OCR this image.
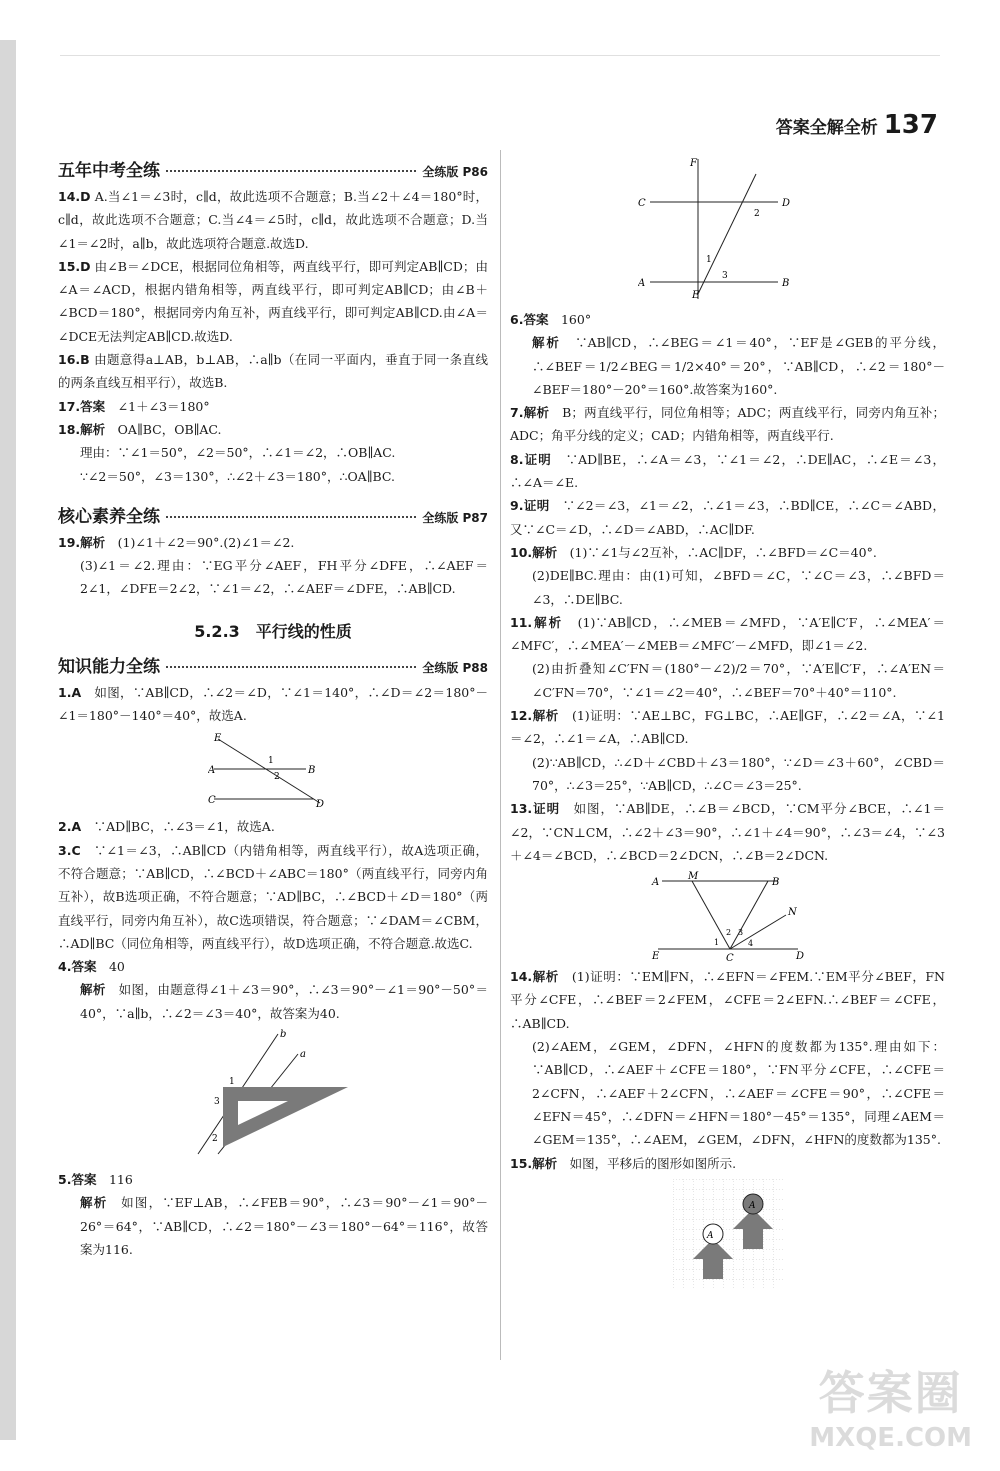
答案全解全析 137
五年中考全练	全练版 P86

14.D A.当∠1＝∠3时，c∥d，故此选项不合题意；B.当∠2＋∠4＝180°时，c∥d，故此选项不合题意；C.当∠4＝∠5时，c∥d，故此选项不合题意；D.当∠1＝∠2时，a∥b，故此选项符合题意.故选D.

15.D 由∠B＝∠DCE，根据同位角相等，两直线平行，即可判定AB∥CD；由∠A＝∠ACD，根据内错角相等，两直线平行，即可判定AB∥CD；由∠B＋∠BCD＝180°，根据同旁内角互补，两直线平行，即可判定AB∥CD.由∠A＝∠DCE无法判定AB∥CD.故选D.

16.B 由题意得a⊥AB，b⊥AB，∴a∥b（在同一平面内，垂直于同一条直线的两条直线互相平行），故选B.

17.答案　 ∠1＋∠3＝180°

18.解析　 OA∥BC，OB∥AC.

理由：∵∠1＝50°，∠2＝50°，∴∠1＝∠2，∴OB∥AC.

∵∠2＝50°，∠3＝130°，∴∠2＋∠3＝180°，∴OA∥BC.

核心素养全练	全练版 P87

19.解析　 (1)∠1＋∠2＝90°.(2)∠1＝∠2.

(3)∠1＝∠2.理由：∵EG平分∠AEF，FH平分∠DFE，∴∠AEF＝2∠1，∠DFE＝2∠2，∵∠1＝∠2，∴∠AEF＝∠DFE，∴AB∥CD.

5.2.3　平行线的性质
知识能力全练	全练版 P88

1.A　 如图，∵AB∥CD，∴∠2＝∠D，∵∠1＝140°，∴∠D＝∠2＝180°－∠1＝180°－140°＝40°，故选A.

E
A	B
C	D
1
2

2.A　 ∵AD∥BC，∴∠3＝∠1，故选A.

3.C　 ∵∠1＝∠3，∴AB∥CD（内错角相等，两直线平行），故A选项正确，不符合题意；∵AB∥CD，∴∠BCD＋∠ABC＝180°（两直线平行，同旁内角互补），故B选项正确，不符合题意；∵AD∥BC，∴∠BCD＋∠D＝180°（两直线平行，同旁内角互补），故C选项错误，符合题意；∵∠DAM＝∠CBM，∴AD∥BC（同位角相等，两直线平行），故D选项正确，不符合题意.故选C.

4.答案　 40

解析　 如图，由题意得∠1＋∠3＝90°，∴∠3＝90°－∠1＝90°－50°＝40°，∵a∥b，∴∠2＝∠3＝40°，故答案为40.

b
a
1
3
2

5.答案　 116

解析　 如图，∵EF⊥AB，∴∠FEB＝90°，∴∠3＝90°－∠1＝90°－26°＝64°，∵AB∥CD，∴∠2＝180°－∠3＝180°－64°＝116°，故答案为116.

F
C	D
A	B
E
2
1
3

6.答案　 160°

解析　 ∵AB∥CD，∴∠BEG＝∠1＝40°，∵EF是∠GEB的平分线，∴∠BEF＝1/2∠BEG＝1/2×40°＝20°，∵AB∥CD，∴∠2＝180°－∠BEF＝180°－20°＝160°.故答案为160°.

7.解析　 B；两直线平行，同位角相等；ADC；两直线平行，同旁内角互补；ADC；角平分线的定义；CAD；内错角相等，两直线平行.

8.证明　 ∵AD∥BE，∴∠A＝∠3，∵∠1＝∠2，∴DE∥AC，∴∠E＝∠3，∴∠A＝∠E.

9.证明　 ∵∠2＝∠3，∠1＝∠2，∴∠1＝∠3，∴BD∥CE，∴∠C＝∠ABD，又∵∠C＝∠D，∴∠D＝∠ABD，∴AC∥DF.

10.解析　 (1)∵∠1与∠2互补，∴AC∥DF，∴∠BFD＝∠C＝40°.

(2)DE∥BC.理由：由(1)可知，∠BFD＝∠C，∵∠C＝∠3，∴∠BFD＝∠3，∴DE∥BC.

11.解析　 (1)∵AB∥CD，∴∠MEB＝∠MFD，∵A′E∥C′F，∴∠MEA′＝∠MFC′，∴∠MEA′－∠MEB＝∠MFC′－∠MFD，即∠1＝∠2.

(2)由折叠知∠C′FN＝(180°－∠2)/2＝70°，∵A′E∥C′F，∴∠A′EN＝∠C′FN＝70°，∵∠1＝∠2＝40°，∴∠BEF＝70°＋40°＝110°.

12.解析　 (1)证明：∵AE⊥BC，FG⊥BC，∴AE∥GF，∴∠2＝∠A，∵∠1＝∠2，∴∠1＝∠A，∴AB∥CD.

(2)∵AB∥CD，∴∠D＋∠CBD＋∠3＝180°，∵∠D＝∠3＋60°，∠CBD＝70°，∴∠3＝25°，∵AB∥CD，∴∠C＝∠3＝25°.

13.证明　 如图，∵AB∥DE，∴∠B＝∠BCD，∵CM平分∠BCE，∴∠1＝∠2，∵CN⊥CM，∴∠2＋∠3＝90°，∴∠1＋∠4＝90°，∴∠3＝∠4，∵∠3＋∠4＝∠BCD，∴∠BCD＝2∠DCN，∴∠B＝2∠DCN.

A
M
B
N
E	C	D
1
2 3
4

14.解析　 (1)证明：∵EM∥FN，∴∠EFN＝∠FEM.∵EM平分∠BEF，FN平分∠CFE，∴∠BEF＝2∠FEM，∠CFE＝2∠EFN.∴∠BEF＝∠CFE，∴AB∥CD.

(2)∠AEM，∠GEM，∠DFN，∠HFN的度数都为135°.理由如下：∵AB∥CD，∴∠AEF＋∠CFE＝180°，∵FN平分∠CFE，∴∠CFE＝2∠CFN，∴∠AEF＋2∠CFN，∴∠AEF＝∠CFE＝90°，∴∠CFE＝∠EFN＝45°，∴∠DFN＝∠HFN＝180°－45°＝135°，同理∠AEM＝∠GEM＝135°，∴∠AEM，∠GEM，∠DFN，∠HFN的度数都为135°.

15.解析　 如图，平移后的图形如图所示.

A
A
答案圈
MXQE.COM
